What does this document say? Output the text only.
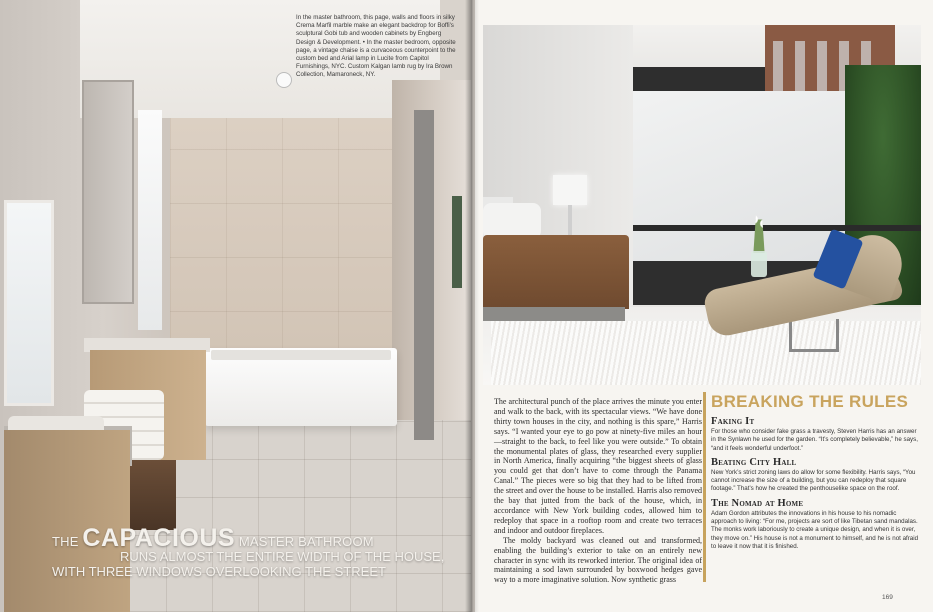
In the master bathroom, this page, walls and floors in silky Crema Marfil marble make an elegant backdrop for Boffi's sculptural Gobi tub and wooden cabinets by Engberg Design & Development. • In the master bedroom, opposite page, a vintage chaise is a curvaceous counterpoint to the custom bed and Arial lamp in Lucite from Capitol Furnishings, NYC. Custom Kalgan lamb rug by Ira Brown Collection, Mamaroneck, NY.

THE CAPACIOUS MASTER BATHROOM
RUNS ALMOST THE ENTIRE WIDTH OF THE HOUSE,
WITH THREE WINDOWS OVERLOOKING THE STREET

The architectural punch of the place arrives the minute you enter and walk to the back, with its spectacular views. “We have done thirty town houses in the city, and nothing is this spare,” Harris says. “I wanted your eye to go pow at ninety-five miles an hour—straight to the back, to feel like you were outside.” To obtain the monumental plates of glass, they researched every supplier in North America, finally acquiring “the biggest sheets of glass you could get that don’t have to come through the Panama Canal.” The pieces were so big that they had to be lifted from the street and over the house to be installed. Harris also removed the bay that jutted from the back of the house, which, in accordance with New York building codes, allowed him to redeploy that space in a rooftop room and create two terraces and indoor and outdoor fireplaces.

The moldy backyard was cleaned out and transformed, enabling the building’s exterior to take on an entirely new character in sync with its reworked interior. The original idea of maintaining a sod lawn surrounded by boxwood hedges gave way to a more imaginative solution. Now synthetic grass

BREAKING THE RULES
Faking It

For those who consider fake grass a travesty, Steven Harris has an answer in the Synlawn he used for the garden. “It’s completely believable,” he says, “and it feels wonderful underfoot.”

Beating City Hall

New York’s strict zoning laws do allow for some flexibility. Harris says, “You cannot increase the size of a building, but you can redeploy that square footage.” That’s how he created the penthouselike space on the roof.

The Nomad at Home

Adam Gordon attributes the innovations in his house to his nomadic approach to living: “For me, projects are sort of like Tibetan sand mandalas. The monks work laboriously to create a unique design, and when it is over, they move on.” His house is not a monument to himself, and he is not afraid to leave it now that it is finished.

169
